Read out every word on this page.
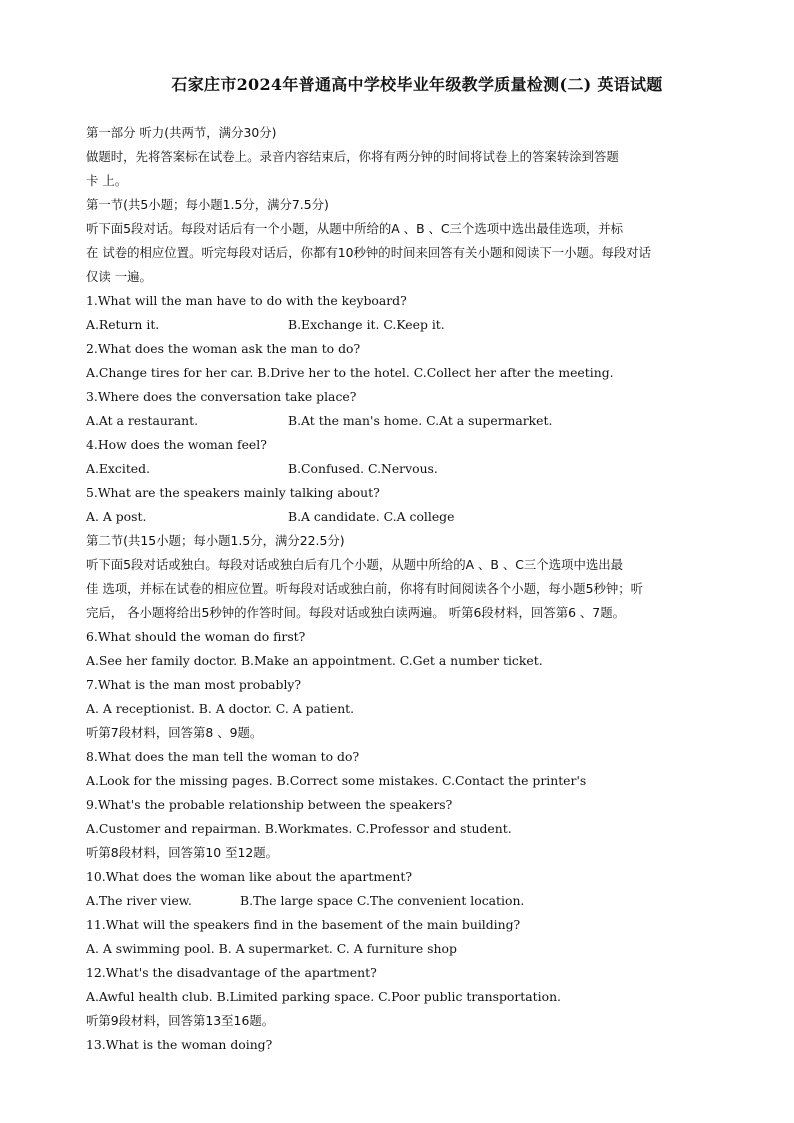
石家庄市2024年普通高中学校毕业年级教学质量检测(二) 英语试题
第一部分 听力(共两节，满分30分)
做题时，先将答案标在试卷上。录音内容结束后，你将有两分钟的时间将试卷上的答案转涂到答题
卡 上。
第一节(共5小题；每小题1.5分，满分7.5分)
听下面5段对话。每段对话后有一个小题，从题中所给的A 、B 、C三个选项中选出最佳选项，并标
在 试卷的相应位置。听完每段对话后，你都有10秒钟的时间来回答有关小题和阅读下一小题。每段对话
仅读 一遍。
1.What will the man have to do with the keyboard?
A.Return it.	B.Exchange it. C.Keep it.
2.What does the woman ask the man to do?
A.Change tires for her car. B.Drive her to the hotel. C.Collect her after the meeting.
3.Where does the conversation take place?
A.At a restaurant.	B.At the man's home. C.At a supermarket.
4.How does the woman feel?
A.Excited.	B.Confused. C.Nervous.
5.What are the speakers mainly talking about?
A. A post.	B.A candidate. C.A college
第二节(共15小题；每小题1.5分，满分22.5分)
听下面5段对话或独白。每段对话或独白后有几个小题，从题中所给的A 、B 、C三个选项中选出最
佳 选项，并标在试卷的相应位置。听每段对话或独白前，你将有时间阅读各个小题，每小题5秒钟；听
完后， 各小题将给出5秒钟的作答时间。每段对话或独白读两遍。 听第6段材料，回答第6 、7题。
6.What should the woman do first?
A.See her family doctor. B.Make an appointment. C.Get a number ticket.
7.What is the man most probably?
A. A receptionist. B. A doctor. C. A patient.
听第7段材料，回答第8 、9题。
8.What does the man tell the woman to do?
A.Look for the missing pages. B.Correct some mistakes. C.Contact the printer's
9.What's the probable relationship between the speakers?
A.Customer and repairman. B.Workmates. C.Professor and student.
听第8段材料，回答第10 至12题。
10.What does the woman like about the apartment?
A.The river view.	B.The large space C.The convenient location.
11.What will the speakers find in the basement of the main building?
A. A swimming pool. B. A supermarket. C. A furniture shop
12.What's the disadvantage of the apartment?
A.Awful health club. B.Limited parking space. C.Poor public transportation.
听第9段材料，回答第13至16题。
13.What is the woman doing?
